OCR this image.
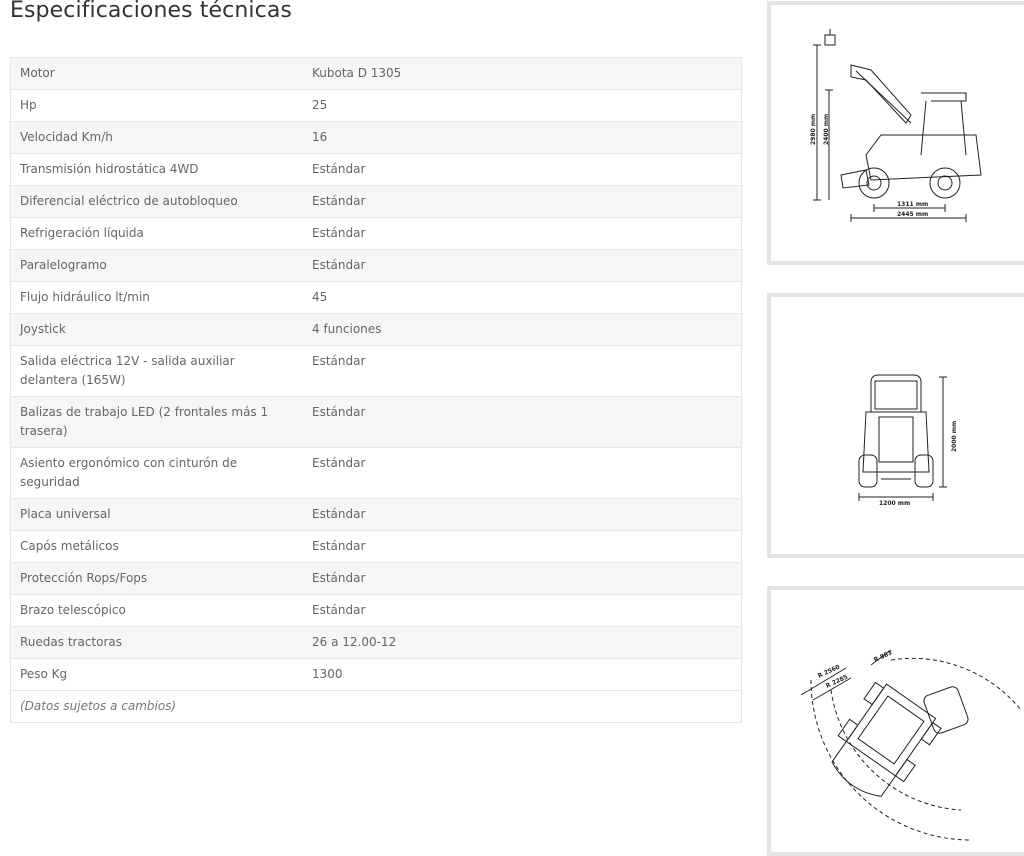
Especificaciones técnicas
Motor	Kubota D 1305
Hp	25
Velocidad Km/h	16
Transmisión hidrostática 4WD	Estándar
Diferencial eléctrico de autobloqueo	Estándar
Refrigeración líquida	Estándar
Paralelogramo	Estándar
Flujo hidráulico lt/min	45
Joystick	4 funciones
Salida eléctrica 12V - salida auxiliar delantera (165W)	Estándar
Balizas de trabajo LED (2 frontales más 1 trasera)	Estándar
Asiento ergonómico con cinturón de seguridad	Estándar
Placa universal	Estándar
Capós metálicos	Estándar
Protección Rops/Fops	Estándar
Brazo telescópico	Estándar
Ruedas tractoras	26 a 12.00-12
Peso Kg	1300
(Datos sujetos a cambios)	
2980 mm 2400 mm
1311 mm
2445 mm
2000 mm
1200 mm
R 2560
R 2285
R 883
